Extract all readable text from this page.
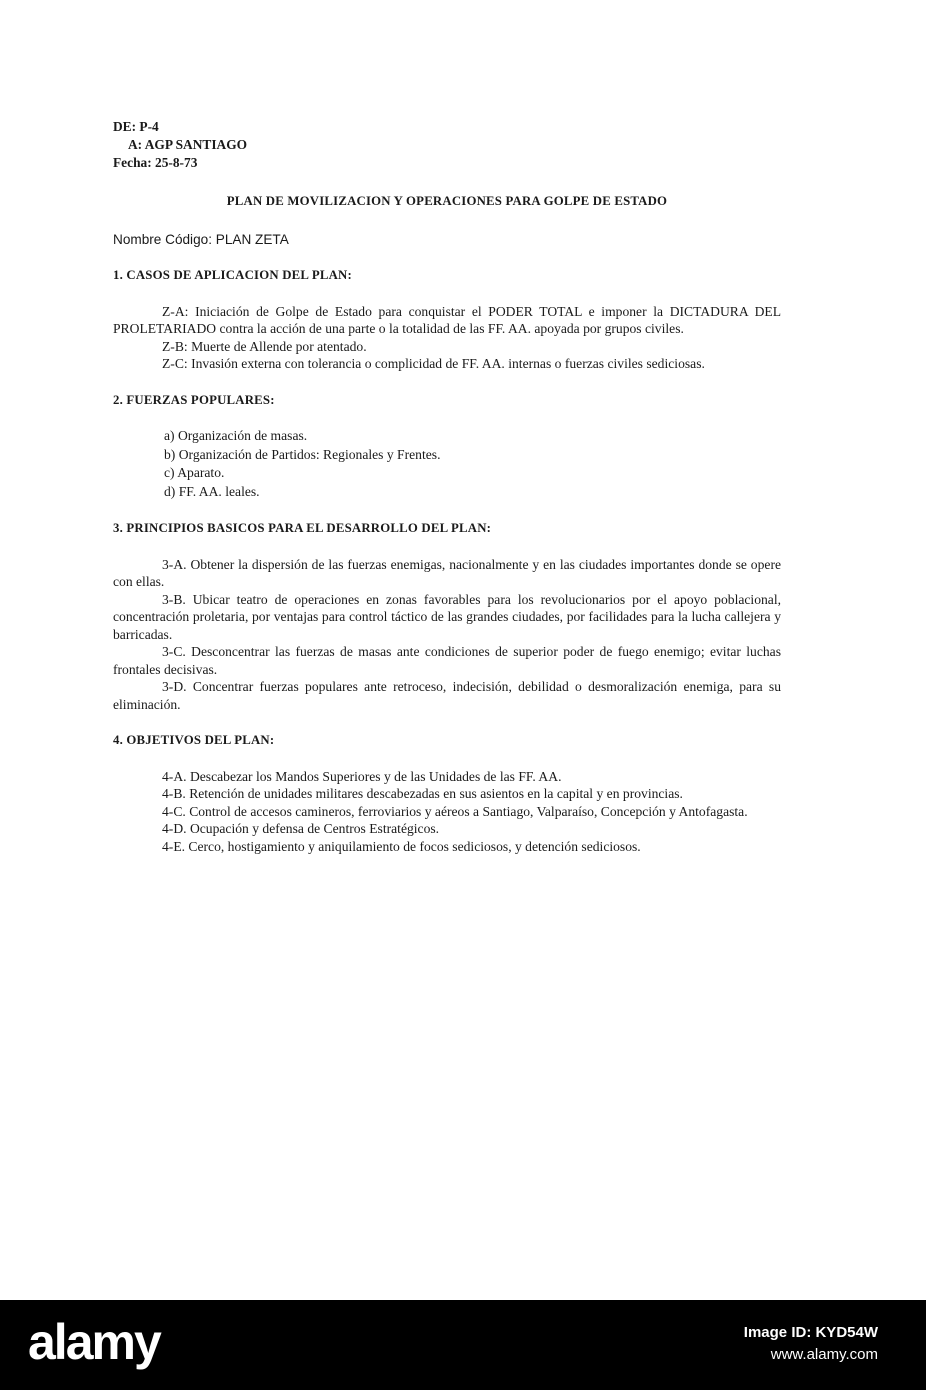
DE: P-4
A: AGP SANTIAGO
Fecha: 25-8-73
PLAN DE MOVILIZACION Y OPERACIONES PARA GOLPE DE ESTADO
Nombre Código: PLAN ZETA
1. CASOS DE APLICACION DEL PLAN:

Z-A: Iniciación de Golpe de Estado para conquistar el PODER TOTAL e imponer la DICTADURA DEL PROLETARIADO contra la acción de una parte o la totalidad de las FF. AA. apoyada por grupos civiles.

Z-B: Muerte de Allende por atentado.

Z-C: Invasión externa con tolerancia o complicidad de FF. AA. internas o fuerzas civiles sediciosas.

2. FUERZAS POPULARES:
a) Organización de masas.
b) Organización de Partidos: Regionales y Frentes.
c) Aparato.
d) FF. AA. leales.
3. PRINCIPIOS BASICOS PARA EL DESARROLLO DEL PLAN:

3-A. Obtener la dispersión de las fuerzas enemigas, nacionalmente y en las ciudades importantes donde se opere con ellas.

3-B. Ubicar teatro de operaciones en zonas favorables para los revolucionarios por el apoyo poblacional, concentración proletaria, por ventajas para control táctico de las grandes ciudades, por facilidades para la lucha callejera y barricadas.

3-C. Desconcentrar las fuerzas de masas ante condiciones de superior poder de fuego enemigo; evitar luchas frontales decisivas.

3-D. Concentrar fuerzas populares ante retroceso, indecisión, debilidad o desmoralización enemiga, para su eliminación.

4. OBJETIVOS DEL PLAN:

4-A. Descabezar los Mandos Superiores y de las Unidades de las FF. AA.

4-B. Retención de unidades militares descabezadas en sus asientos en la capital y en provincias.

4-C. Control de accesos camineros, ferroviarios y aéreos a Santiago, Valparaíso, Concepción y Antofagasta.

4-D. Ocupación y defensa de Centros Estratégicos.

4-E. Cerco, hostigamiento y aniquilamiento de focos sediciosos, y detención sediciosos.

alamy	Image ID: KYD54W
www.alamy.com
